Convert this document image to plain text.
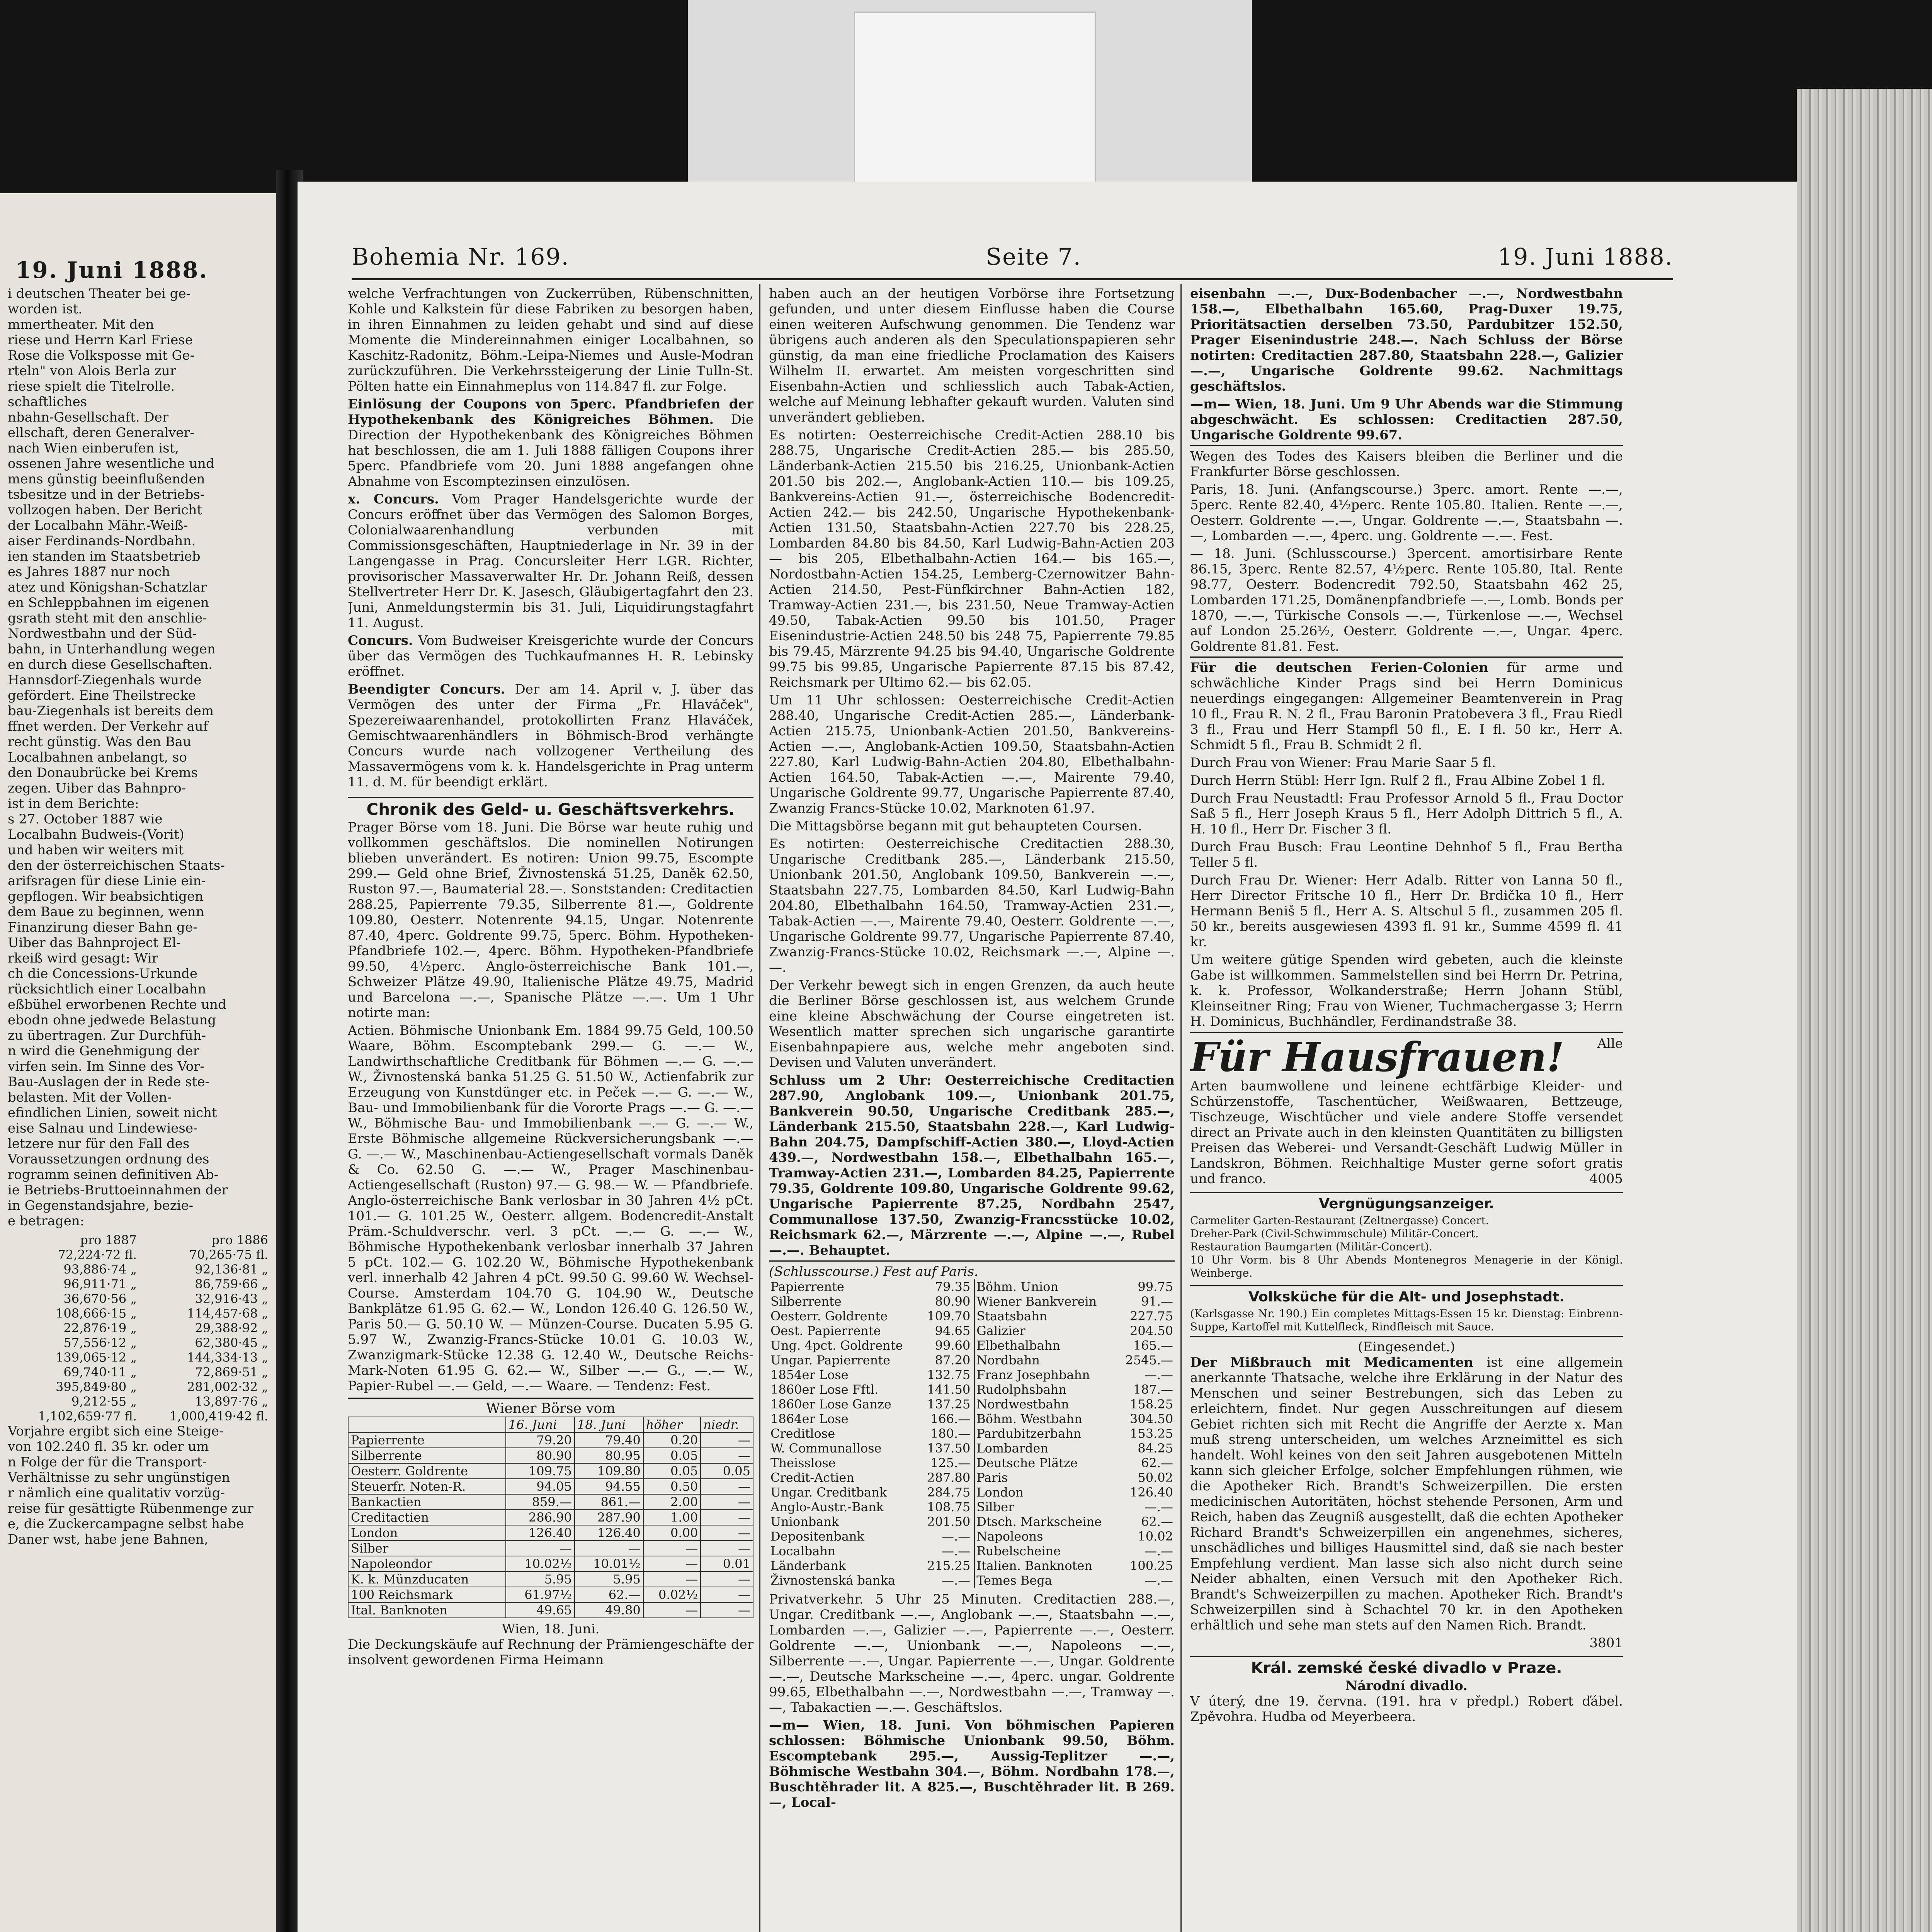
i deutschen Theater bei ge-
worden ist.
mmertheater. Mit den
riese und Herrn Karl Friese
Rose die Volksposse mit Ge-
rteln" von Alois Berla zur
riese spielt die Titelrolle.
schaftliches
nbahn-Gesellschaft. Der
ellschaft, deren Generalver-
nach Wien einberufen ist,
ossenen Jahre wesentliche und
mens günstig beeinflußenden
tsbesitze und in der Betriebs-
vollzogen haben. Der Bericht
der Localbahn Mähr.-Weiß-
aiser Ferdinands-Nordbahn.
ien standen im Staatsbetrieb
es Jahres 1887 nur noch
atez und Königshan-Schatzlar
en Schleppbahnen im eigenen
gsrath steht mit den anschlie-
Nordwestbahn und der Süd-
bahn, in Unterhandlung wegen
en durch diese Gesellschaften.
Hannsdorf-Ziegenhals wurde
gefördert. Eine Theilstrecke
bau-Ziegenhals ist bereits dem
ffnet werden. Der Verkehr auf
recht günstig. Was den Bau
Localbahnen anbelangt, so
den Donaubrücke bei Krems
zegen. Uiber das Bahnpro-
ist in dem Berichte:
s 27. October 1887 wie
Localbahn Budweis-(Vorit)
und haben wir weiters mit
den der österreichischen Staats-
arifsragen für diese Linie ein-
gepflogen. Wir beabsichtigen
dem Baue zu beginnen, wenn
Finanzirung dieser Bahn ge-
Uiber das Bahnproject El-
rkeiß wird gesagt: Wir
ch die Concessions-Urkunde
rücksichtlich einer Localbahn
eßbühel erworbenen Rechte und
ebodn ohne jedwede Belastung
zu übertragen. Zur Durchfüh-
n wird die Genehmigung der
virfen sein. Im Sinne des Vor-
Bau-Auslagen der in Rede ste-
belasten. Mit der Vollen-
efindlichen Linien, soweit nicht
eise Salnau und Lindewiese-
letzere nur für den Fall des
Voraussetzungen ordnung des
rogramm seinen definitiven Ab-
ie Betriebs-Bruttoeinnahmen der
in Gegenstandsjahre, bezie-
e betragen:
pro 1887	pro 1886
72,224·72 fl.	70,265·75 fl.
93,886·74 „	92,136·81 „
96,911·71 „	86,759·66 „
36,670·56 „	32,916·43 „
108,666·15 „	114,457·68 „
22,876·19 „	29,388·92 „
57,556·12 „	62,380·45 „
139,065·12 „	144,334·13 „
69,740·11 „	72,869·51 „
395,849·80 „	281,002·32 „
9,212·55 „	13,897·76 „
1,102,659·77 fl.	1,000,419·42 fl.
Vorjahre ergibt sich eine Steige-
von 102.240 fl. 35 kr. oder um
n Folge der für die Transport-
Verhältnisse zu sehr ungünstigen
r nämlich eine qualitativ vorzüg-
reise für gesättigte Rübenmenge zur
e, die Zuckercampagne selbst habe
Daner wst, habe jene Bahnen,
19. Juni 1888.	Bohemia Nr. 169.	Seite 7.	19. Juni 1888.

welche Verfrachtungen von Zuckerrüben, Rübenschnitten, Kohle und Kalkstein für diese Fabriken zu besorgen haben, in ihren Einnahmen zu leiden gehabt und sind auf diese Momente die Mindereinnahmen einiger Localbahnen, so Kaschitz-Radonitz, Böhm.-Leipa-Niemes und Ausle-Modran zurückzuführen. Die Verkehrssteigerung der Linie Tulln-St. Pölten hatte ein Einnahmeplus von 114.847 fl. zur Folge.

Einlösung der Coupons von 5perc. Pfandbriefen der Hypothekenbank des Königreiches Böhmen. Die Direction der Hypothekenbank des Königreiches Böhmen hat beschlossen, die am 1. Juli 1888 fälligen Coupons ihrer 5perc. Pfandbriefe vom 20. Juni 1888 angefangen ohne Abnahme von Escomptezinsen einzulösen.

x. Concurs. Vom Prager Handelsgerichte wurde der Concurs eröffnet über das Vermögen des Salomon Borges, Colonialwaarenhandlung verbunden mit Commissionsgeschäften, Hauptniederlage in Nr. 39 in der Langengasse in Prag. Concursleiter Herr LGR. Richter, provisorischer Massaverwalter Hr. Dr. Johann Reiß, dessen Stellvertreter Herr Dr. K. Jasesch, Gläubigertagfahrt den 23. Juni, Anmeldungstermin bis 31. Juli, Liquidirungstagfahrt 11. August.

Concurs. Vom Budweiser Kreisgerichte wurde der Concurs über das Vermögen des Tuchkaufmannes H. R. Lebinsky eröffnet.

Beendigter Concurs. Der am 14. April v. J. über das Vermögen des unter der Firma „Fr. Hlaváček", Spezereiwaarenhandel, protokollirten Franz Hlaváček, Gemischtwaarenhändlers in Böhmisch-Brod verhängte Concurs wurde nach vollzogener Vertheilung des Massavermögens vom k. k. Handelsgerichte in Prag unterm 11. d. M. für beendigt erklärt.

Chronik des Geld- u. Geschäftsverkehrs.

Prager Börse vom 18. Juni. Die Börse war heute ruhig und vollkommen geschäftslos. Die nominellen Notirungen blieben unverändert. Es notiren: Union 99.75, Escompte 299.— Geld ohne Brief, Živnostenská 51.25, Daněk 62.50, Ruston 97.—, Baumaterial 28.—. Sonststanden: Creditactien 288.25, Papierrente 79.35, Silberrente 81.—, Goldrente 109.80, Oesterr. Notenrente 94.15, Ungar. Notenrente 87.40, 4perc. Goldrente 99.75, 5perc. Böhm. Hypotheken-Pfandbriefe 102.—, 4perc. Böhm. Hypotheken-Pfandbriefe 99.50, 4½perc. Anglo-österreichische Bank 101.—, Schweizer Plätze 49.90, Italienische Plätze 49.75, Madrid und Barcelona —.—, Spanische Plätze —.—. Um 1 Uhr notirte man:

Actien. Böhmische Unionbank Em. 1884 99.75 Geld, 100.50 Waare, Böhm. Escomptebank 299.— G. —.— W., Landwirthschaftliche Creditbank für Böhmen —.— G. —.— W., Živnostenská banka 51.25 G. 51.50 W., Actienfabrik zur Erzeugung von Kunstdünger etc. in Peček —.— G. —.— W., Bau- und Immobilienbank für die Vororte Prags —.— G. —.— W., Böhmische Bau- und Immobilienbank —.— G. —.— W., Erste Böhmische allgemeine Rückversicherungsbank —.— G. —.— W., Maschinenbau-Actiengesellschaft vormals Daněk & Co. 62.50 G. —.— W., Prager Maschinenbau-Actiengesellschaft (Ruston) 97.— G. 98.— W. — Pfandbriefe. Anglo-österreichische Bank verlosbar in 30 Jahren 4½ pCt. 101.— G. 101.25 W., Oesterr. allgem. Bodencredit-Anstalt Präm.-Schuldverschr. verl. 3 pCt. —.— G. —.— W., Böhmische Hypothekenbank verlosbar innerhalb 37 Jahren 5 pCt. 102.— G. 102.20 W., Böhmische Hypothekenbank verl. innerhalb 42 Jahren 4 pCt. 99.50 G. 99.60 W. Wechsel-Course. Amsterdam 104.70 G. 104.90 W., Deutsche Bankplätze 61.95 G. 62.— W., London 126.40 G. 126.50 W., Paris 50.— G. 50.10 W. — Münzen-Course. Ducaten 5.95 G. 5.97 W., Zwanzig-Francs-Stücke 10.01 G. 10.03 W., Zwanzigmark-Stücke 12.38 G. 12.40 W., Deutsche Reichs-Mark-Noten 61.95 G. 62.— W., Silber —.— G., —.— W., Papier-Rubel —.— Geld, —.— Waare. — Tendenz: Fest.

Wiener Börse vom
	16. Juni	18. Juni	höher	niedr.
Papierrente	79.20	79.40	0.20	—
Silberrente	80.90	80.95	0.05	—
Oesterr. Goldrente	109.75	109.80	0.05	0.05
Steuerfr. Noten-R.	94.05	94.55	0.50	—
Bankactien	859.—	861.—	2.00	—
Creditactien	286.90	287.90	1.00	—
London	126.40	126.40	0.00	—
Silber	—	—	—	—
Napoleondor	10.02½	10.01½	—	0.01
K. k. Münzducaten	5.95	5.95	—	—
100 Reichsmark	61.97½	62.—	0.02½	—
Ital. Banknoten	49.65	49.80	—	—
Wien, 18. Juni.

Die Deckungskäufe auf Rechnung der Prämiengeschäfte der insolvent gewordenen Firma Heimann

haben auch an der heutigen Vorbörse ihre Fortsetzung gefunden, und unter diesem Einflusse haben die Course einen weiteren Aufschwung genommen. Die Tendenz war übrigens auch anderen als den Speculationspapieren sehr günstig, da man eine friedliche Proclamation des Kaisers Wilhelm II. erwartet. Am meisten vorgeschritten sind Eisenbahn-Actien und schliesslich auch Tabak-Actien, welche auf Meinung lebhafter gekauft wurden. Valuten sind unverändert geblieben.

Es notirten: Oesterreichische Credit-Actien 288.10 bis 288.75, Ungarische Credit-Actien 285.— bis 285.50, Länderbank-Actien 215.50 bis 216.25, Unionbank-Actien 201.50 bis 202.—, Anglobank-Actien 110.— bis 109.25, Bankvereins-Actien 91.—, österreichische Bodencredit-Actien 242.— bis 242.50, Ungarische Hypothekenbank-Actien 131.50, Staatsbahn-Actien 227.70 bis 228.25, Lombarden 84.80 bis 84.50, Karl Ludwig-Bahn-Actien 203 — bis 205, Elbethalbahn-Actien 164.— bis 165.—, Nordostbahn-Actien 154.25, Lemberg-Czernowitzer Bahn-Actien 214.50, Pest-Fünfkirchner Bahn-Actien 182, Tramway-Actien 231.—, bis 231.50, Neue Tramway-Actien 49.50, Tabak-Actien 99.50 bis 101.50, Prager Eisenindustrie-Actien 248.50 bis 248 75, Papierrente 79.85 bis 79.45, Märzrente 94.25 bis 94.40, Ungarische Goldrente 99.75 bis 99.85, Ungarische Papierrente 87.15 bis 87.42, Reichsmark per Ultimo 62.— bis 62.05.

Um 11 Uhr schlossen: Oesterreichische Credit-Actien 288.40, Ungarische Credit-Actien 285.—, Länderbank-Actien 215.75, Unionbank-Actien 201.50, Bankvereins-Actien —.—, Anglobank-Actien 109.50, Staatsbahn-Actien 227.80, Karl Ludwig-Bahn-Actien 204.80, Elbethalbahn-Actien 164.50, Tabak-Actien —.—, Mairente 79.40, Ungarische Goldrente 99.77, Ungarische Papierrente 87.40, Zwanzig Francs-Stücke 10.02, Marknoten 61.97.

Die Mittagsbörse begann mit gut behaupteten Coursen.

Es notirten: Oesterreichische Creditactien 288.30, Ungarische Creditbank 285.—, Länderbank 215.50, Unionbank 201.50, Anglobank 109.50, Bankverein —.—, Staatsbahn 227.75, Lombarden 84.50, Karl Ludwig-Bahn 204.80, Elbethalbahn 164.50, Tramway-Actien 231.—, Tabak-Actien —.—, Mairente 79.40, Oesterr. Goldrente —.—, Ungarische Goldrente 99.77, Ungarische Papierrente 87.40, Zwanzig-Francs-Stücke 10.02, Reichsmark —.—, Alpine —.—.

Der Verkehr bewegt sich in engen Grenzen, da auch heute die Berliner Börse geschlossen ist, aus welchem Grunde eine kleine Abschwächung der Course eingetreten ist. Wesentlich matter sprechen sich ungarische garantirte Eisenbahnpapiere aus, welche mehr angeboten sind. Devisen und Valuten unverändert.

Schluss um 2 Uhr: Oesterreichische Creditactien 287.90, Anglobank 109.—, Unionbank 201.75, Bankverein 90.50, Ungarische Creditbank 285.—, Länderbank 215.50, Staatsbahn 228.—, Karl Ludwig-Bahn 204.75, Dampfschiff-Actien 380.—, Lloyd-Actien 439.—, Nordwestbahn 158.—, Elbethalbahn 165.—, Tramway-Actien 231.—, Lombarden 84.25, Papierrente 79.35, Goldrente 109.80, Ungarische Goldrente 99.62, Ungarische Papierrente 87.25, Nordbahn 2547, Communallose 137.50, Zwanzig-Francsstücke 10.02, Reichsmark 62.—, Märzrente —.—, Alpine —.—, Rubel —.—. Behauptet.

(Schlusscourse.) Fest auf Paris.
Papierrente	79.35	Böhm. Union	99.75
Silberrente	80.90	Wiener Bankverein	91.—
Oesterr. Goldrente	109.70	Staatsbahn	227.75
Oest. Papierrente	94.65	Galizier	204.50
Ung. 4pct. Goldrente	99.60	Elbethalbahn	165.—
Ungar. Papierrente	87.20	Nordbahn	2545.—
1854er Lose	132.75	Franz Josephbahn	—.—
1860er Lose Fftl.	141.50	Rudolphsbahn	187.—
1860er Lose Ganze	137.25	Nordwestbahn	158.25
1864er Lose	166.—	Böhm. Westbahn	304.50
Creditlose	180.—	Pardubitzerbahn	153.25
W. Communallose	137.50	Lombarden	84.25
Theisslose	125.—	Deutsche Plätze	62.—
Credit-Actien	287.80	Paris	50.02
Ungar. Creditbank	284.75	London	126.40
Anglo-Austr.-Bank	108.75	Silber	—.—
Unionbank	201.50	Dtsch. Markscheine	62.—
Depositenbank	—.—	Napoleons	10.02
Localbahn	—.—	Rubelscheine	—.—
Länderbank	215.25	Italien. Banknoten	100.25
Živnostenská banka	—.—	Temes Bega	—.—

Privatverkehr. 5 Uhr 25 Minuten. Creditactien 288.—, Ungar. Creditbank —.—, Anglobank —.—, Staatsbahn —.—, Lombarden —.—, Galizier —.—, Papierrente —.—, Oesterr. Goldrente —.—, Unionbank —.—, Napoleons —.—, Silberrente —.—, Ungar. Papierrente —.—, Ungar. Goldrente —.—, Deutsche Markscheine —.—, 4perc. ungar. Goldrente 99.65, Elbethalbahn —.—, Nordwestbahn —.—, Tramway —.—, Tabakactien —.—. Geschäftslos.

—m— Wien, 18. Juni. Von böhmischen Papieren schlossen: Böhmische Unionbank 99.50, Böhm. Escomptebank 295.—, Aussig-Teplitzer —.—, Böhmische Westbahn 304.—, Böhm. Nordbahn 178.—, Buschtěhrader lit. A 825.—, Buschtěhrader lit. B 269.—, Local-

eisenbahn —.—, Dux-Bodenbacher —.—, Nordwestbahn 158.—, Elbethalbahn 165.60, Prag-Duxer 19.75, Prioritätsactien derselben 73.50, Pardubitzer 152.50, Prager Eisenindustrie 248.—. Nach Schluss der Börse notirten: Creditactien 287.80, Staatsbahn 228.—, Galizier —.—, Ungarische Goldrente 99.62. Nachmittags geschäftslos.

—m— Wien, 18. Juni. Um 9 Uhr Abends war die Stimmung abgeschwächt. Es schlossen: Creditactien 287.50, Ungarische Goldrente 99.67.

Wegen des Todes des Kaisers bleiben die Berliner und die Frankfurter Börse geschlossen.

Paris, 18. Juni. (Anfangscourse.) 3perc. amort. Rente —.—, 5perc. Rente 82.40, 4½perc. Rente 105.80. Italien. Rente —.—, Oesterr. Goldrente —.—, Ungar. Goldrente —.—, Staatsbahn —.—, Lombarden —.—, 4perc. ung. Goldrente —.—. Fest.

— 18. Juni. (Schlusscourse.) 3percent. amortisirbare Rente 86.15, 3perc. Rente 82.57, 4½perc. Rente 105.80, Ital. Rente 98.77, Oesterr. Bodencredit 792.50, Staatsbahn 462 25, Lombarden 171.25, Domänenpfandbriefe —.—, Lomb. Bonds per 1870, —.—, Türkische Consols —.—, Türkenlose —.—, Wechsel auf London 25.26½, Oesterr. Goldrente —.—, Ungar. 4perc. Goldrente 81.81. Fest.

Für die deutschen Ferien-Colonien für arme und schwächliche Kinder Prags sind bei Herrn Dominicus neuerdings eingegangen: Allgemeiner Beamtenverein in Prag 10 fl., Frau R. N. 2 fl., Frau Baronin Pratobevera 3 fl., Frau Riedl 3 fl., Frau und Herr Stampfl 50 fl., E. I fl. 50 kr., Herr A. Schmidt 5 fl., Frau B. Schmidt 2 fl.

Durch Frau von Wiener: Frau Marie Saar 5 fl.

Durch Herrn Stübl: Herr Ign. Rulf 2 fl., Frau Albine Zobel 1 fl.

Durch Frau Neustadtl: Frau Professor Arnold 5 fl., Frau Doctor Saß 5 fl., Herr Joseph Kraus 5 fl., Herr Adolph Dittrich 5 fl., A. H. 10 fl., Herr Dr. Fischer 3 fl.

Durch Frau Busch: Frau Leontine Dehnhof 5 fl., Frau Bertha Teller 5 fl.

Durch Frau Dr. Wiener: Herr Adalb. Ritter von Lanna 50 fl., Herr Director Fritsche 10 fl., Herr Dr. Brdička 10 fl., Herr Hermann Beniš 5 fl., Herr A. S. Altschul 5 fl., zusammen 205 fl. 50 kr., bereits ausgewiesen 4393 fl. 91 kr., Summe 4599 fl. 41 kr.

Um weitere gütige Spenden wird gebeten, auch die kleinste Gabe ist willkommen. Sammelstellen sind bei Herrn Dr. Petrina, k. k. Professor, Wolkanderstraße; Herrn Johann Stübl, Kleinseitner Ring; Frau von Wiener, Tuchmachergasse 3; Herrn H. Dominicus, Buchhändler, Ferdinandstraße 38.

Für Hausfrauen!	Alle Arten baumwollene und leinene echtfärbige Kleider- und Schürzenstoffe, Taschentücher, Weißwaaren, Bettzeuge, Tischzeuge, Wischtücher und viele andere Stoffe versendet direct an Private auch in den kleinsten Quantitäten zu billigsten Preisen das Weberei- und Versandt-Geschäft Ludwig Müller in Landskron, Böhmen. Reichhaltige Muster gerne sofort gratis und franco.	4005
Vergnügungsanzeiger.
Carmeliter Garten-Restaurant (Zeltnergasse) Concert.
Dreher-Park (Civil-Schwimmschule) Militär-Concert.
Restauration Baumgarten (Militär-Concert).
10 Uhr Vorm. bis 8 Uhr Abends Montenegros Menagerie in der Königl. Weinberge.
Volksküche für die Alt- und Josephstadt.

(Karlsgasse Nr. 190.) Ein completes Mittags-Essen 15 kr. Dienstag: Einbrenn-Suppe, Kartoffel mit Kuttelfleck, Rindfleisch mit Sauce.

(Eingesendet.)

Der Mißbrauch mit Medicamenten ist eine allgemein anerkannte Thatsache, welche ihre Erklärung in der Natur des Menschen und seiner Bestrebungen, sich das Leben zu erleichtern, findet. Nur gegen Ausschreitungen auf diesem Gebiet richten sich mit Recht die Angriffe der Aerzte x. Man muß streng unterscheiden, um welches Arzneimittel es sich handelt. Wohl keines von den seit Jahren ausgebotenen Mitteln kann sich gleicher Erfolge, solcher Empfehlungen rühmen, wie die Apotheker Rich. Brandt's Schweizerpillen. Die ersten medicinischen Autoritäten, höchst stehende Personen, Arm und Reich, haben das Zeugniß ausgestellt, daß die echten Apotheker Richard Brandt's Schweizerpillen ein angenehmes, sicheres, unschädliches und billiges Hausmittel sind, daß sie nach bester Empfehlung verdient. Man lasse sich also nicht durch seine Neider abhalten, einen Versuch mit den Apotheker Rich. Brandt's Schweizerpillen zu machen. Apotheker Rich. Brandt's Schweizerpillen sind à Schachtel 70 kr. in den Apotheken erhältlich und sehe man stets auf den Namen Rich. Brandt.

3801
Král. zemské české divadlo v Praze.
Národní divadlo.

V úterý, dne 19. června. (191. hra v předpl.) Robert ďábel. Zpěvohra. Hudba od Meyerbeera.
